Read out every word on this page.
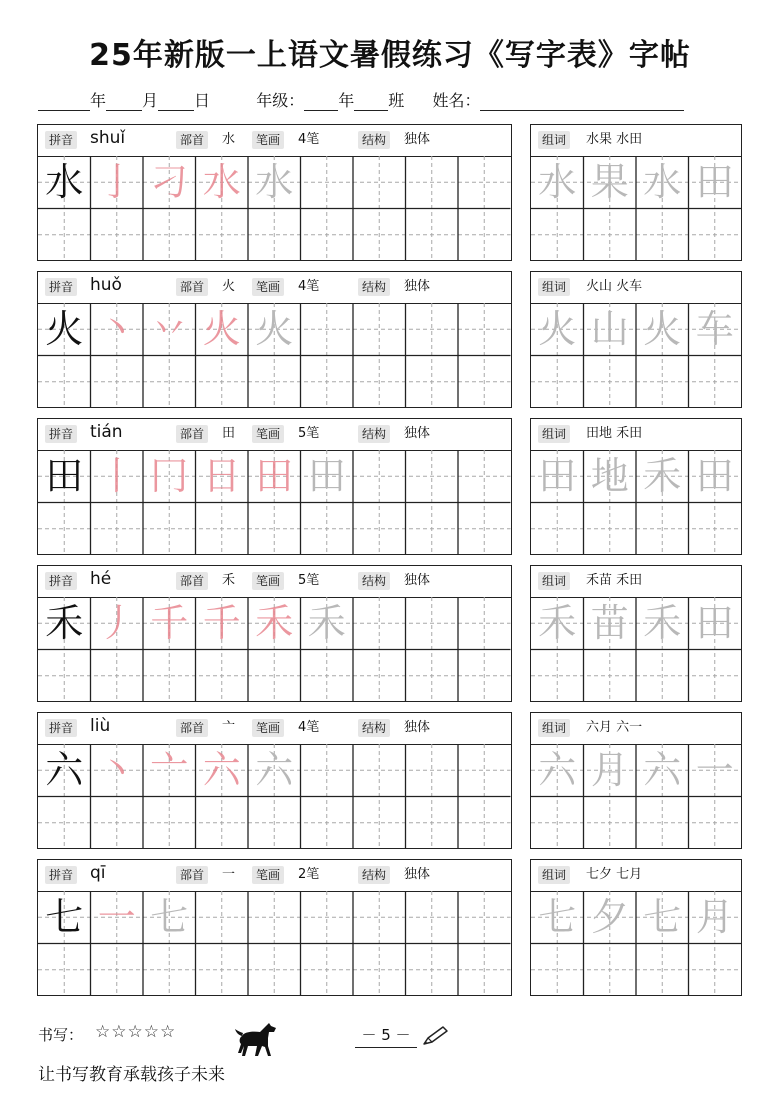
25年新版一上语文暑假练习《写字表》字帖
年 月 日	年级： 年 班 姓名：
拼音 shuǐ	部首	水	笔画	4笔	结构	独体
水 亅 刁 水 水
组词	水果 水田
水 果 水 田
拼音 huǒ	部首	火	笔画	4笔	结构	独体
火 丶 丷 火 火
组词	火山 火车
火 山 火 车
拼音 tián	部首	田	笔画	5笔	结构	独体
田 丨 冂 日 田 田
组词	田地 禾田
田 地 禾 田
拼音 hé	部首	禾	笔画	5笔	结构	独体
禾 丿 千 千 禾 禾
组词	禾苗 禾田
禾 苗 禾 田
拼音 liù	部首	亠	笔画	4笔	结构	独体
六 丶 亠 六 六
组词	六月 六一
六 月 六 一
拼音 qī	部首	一	笔画	2笔	结构	独体
七 一 七
组词	七夕 七月
七 夕 七 月
书写： ☆☆☆☆☆	－ 5 －
让书写教育承载孩子未来
